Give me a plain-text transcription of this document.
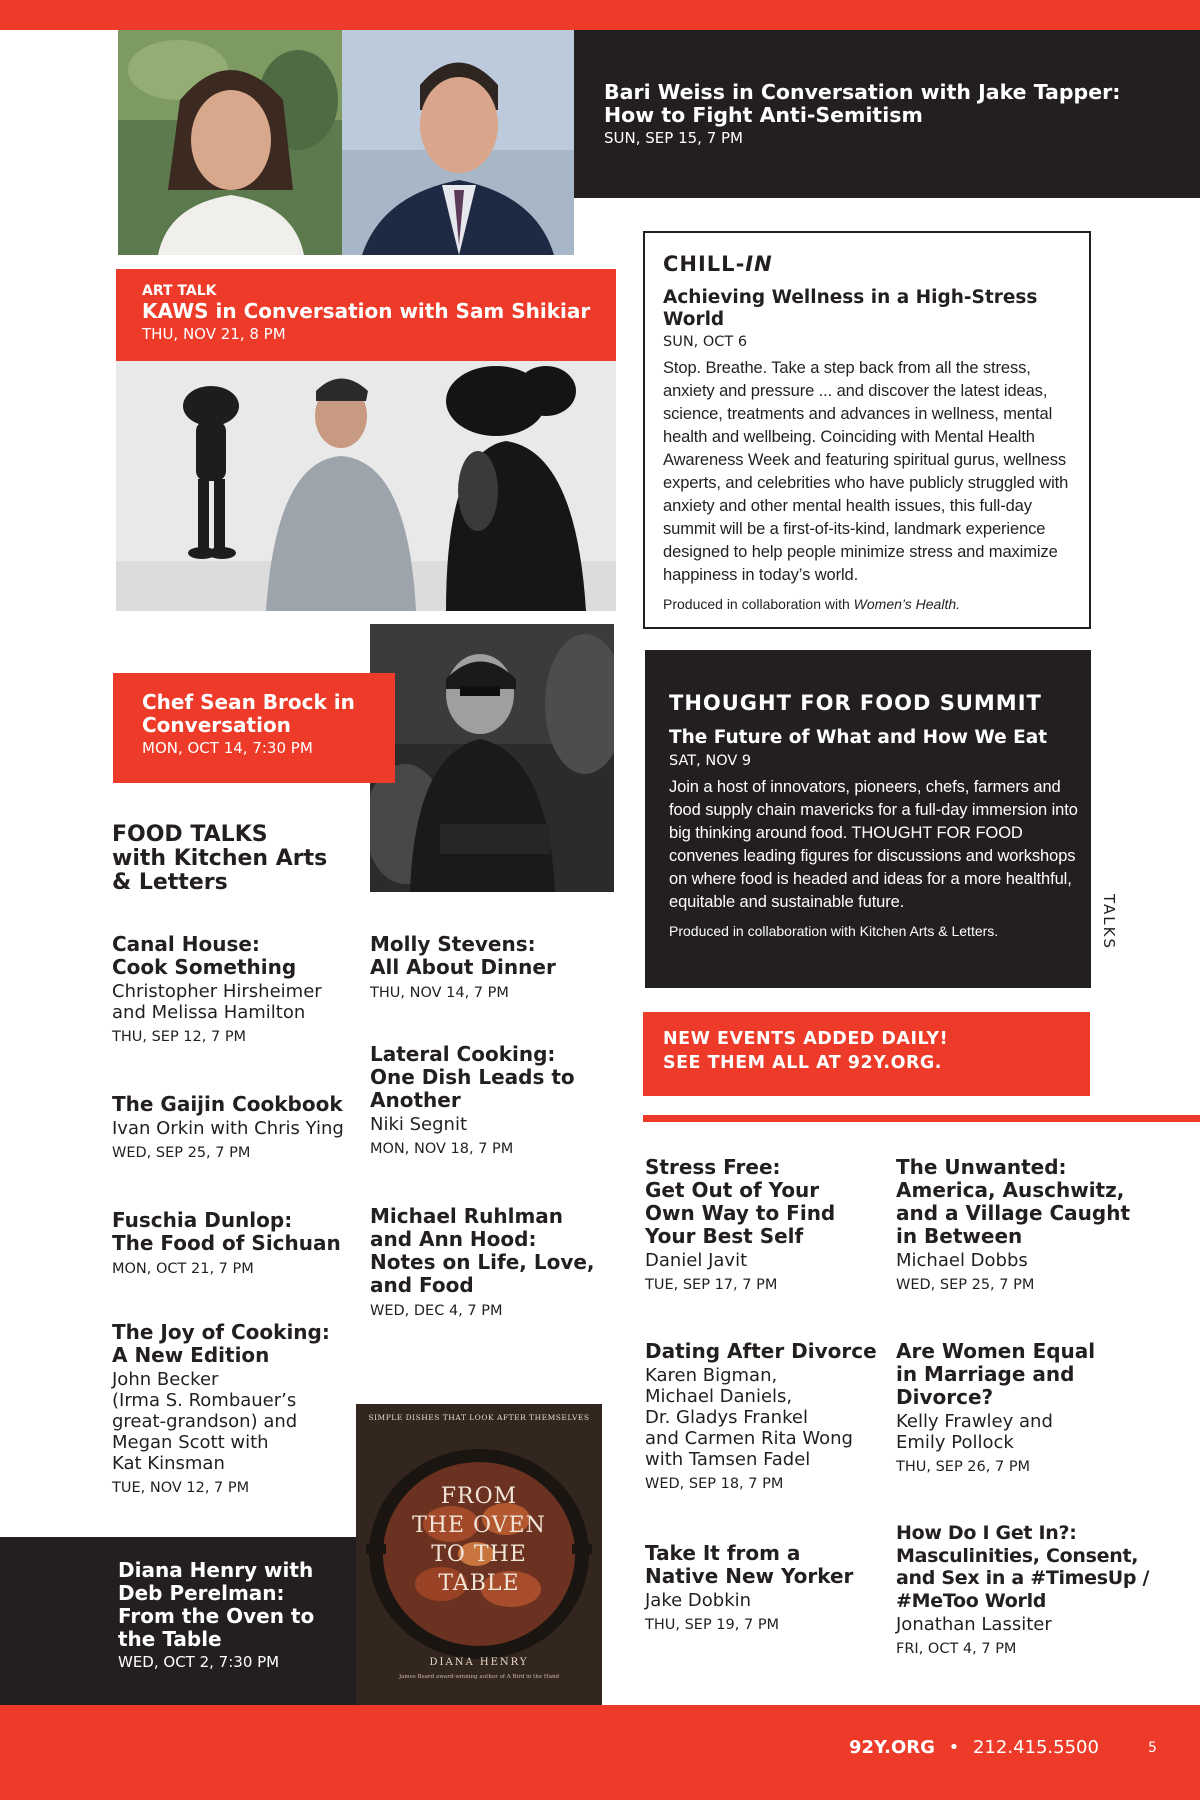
Bari Weiss in Conversation with Jake Tapper:
How to Fight Anti-Semitism
SUN, SEP 15, 7 PM
ART TALK
KAWS in Conversation with Sam Shikiar
THU, NOV 21, 8 PM
CHILL-IN
Achieving Wellness in a High-Stress World
SUN, OCT 6
Stop. Breathe. Take a step back from all the stress, anxiety and pressure ... and discover the latest ideas, science, treatments and advances in wellness, mental health and wellbeing. Coinciding with Mental Health Awareness Week and featuring spiritual gurus, wellness experts, and celebrities who have publicly struggled with anxiety and other mental health issues, this full-day summit will be a first-of-its-kind, landmark experience designed to help people minimize stress and maximize happiness in today’s world.
Produced in collaboration with Women’s Health.
Chef Sean Brock in
Conversation
MON, OCT 14, 7:30 PM
FOOD TALKS
with Kitchen Arts
& Letters
THOUGHT FOR FOOD SUMMIT
The Future of What and How We Eat
SAT, NOV 9
Join a host of innovators, pioneers, chefs, farmers and food supply chain mavericks for a full-day immersion into big thinking around food. THOUGHT FOR FOOD convenes leading figures for discussions and workshops on where food is headed and ideas for a more healthful, equitable and sustainable future.
Produced in collaboration with Kitchen Arts & Letters.	TALKS
NEW EVENTS ADDED DAILY!
SEE THEM ALL AT 92Y.ORG.
Canal House:
Cook Something
Christopher Hirsheimer
and Melissa Hamilton
THU, SEP 12, 7 PM
The Gaijin Cookbook
Ivan Orkin with Chris Ying
WED, SEP 25, 7 PM
Fuschia Dunlop:
The Food of Sichuan
MON, OCT 21, 7 PM
The Joy of Cooking:
A New Edition
John Becker
(Irma S. Rombauer’s
great-grandson) and
Megan Scott with
Kat Kinsman
TUE, NOV 12, 7 PM
Molly Stevens:
All About Dinner
THU, NOV 14, 7 PM
Lateral Cooking:
One Dish Leads to
Another
Niki Segnit
MON, NOV 18, 7 PM
Michael Ruhlman
and Ann Hood:
Notes on Life, Love,
and Food
WED, DEC 4, 7 PM
Stress Free:
Get Out of Your
Own Way to Find
Your Best Self
Daniel Javit
TUE, SEP 17, 7 PM
Dating After Divorce
Karen Bigman,
Michael Daniels,
Dr. Gladys Frankel
and Carmen Rita Wong
with Tamsen Fadel
WED, SEP 18, 7 PM
Take It from a
Native New Yorker
Jake Dobkin
THU, SEP 19, 7 PM
The Unwanted:
America, Auschwitz,
and a Village Caught
in Between
Michael Dobbs
WED, SEP 25, 7 PM
Are Women Equal
in Marriage and
Divorce?
Kelly Frawley and
Emily Pollock
THU, SEP 26, 7 PM
How Do I Get In?:
Masculinities, Consent,
and Sex in a #TimesUp /
#MeToo World
Jonathan Lassiter
FRI, OCT 4, 7 PM
Diana Henry with
Deb Perelman:
From the Oven to
the Table
WED, OCT 2, 7:30 PM
SIMPLE DISHES THAT LOOK AFTER THEMSELVES
FROM
THE OVEN
TO THE
TABLE
DIANA HENRY
James Beard award-winning author of A Bird in the Hand
92Y.ORG • 212.415.5500	5
